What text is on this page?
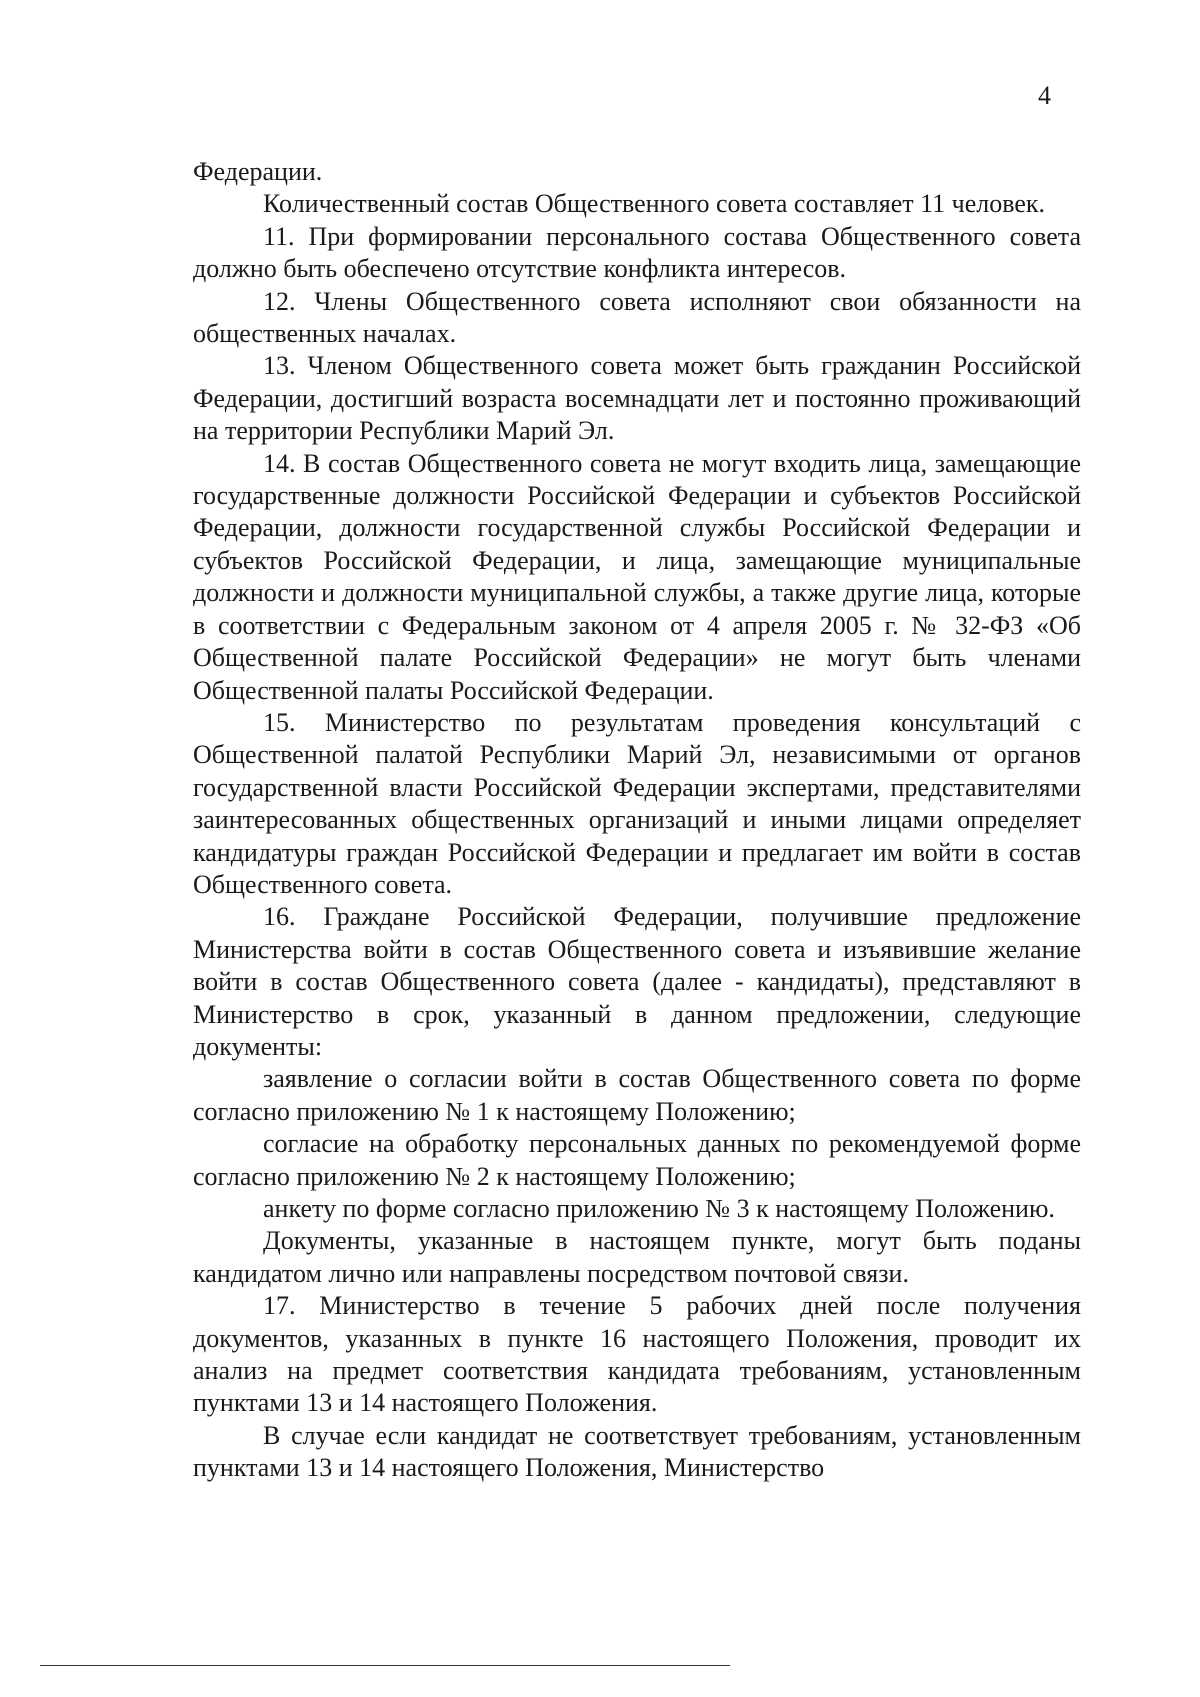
4

Федерации.

Количественный состав Общественного совета составляет 11 человек.

11. При формировании персонального состава Общественного совета должно быть обеспечено отсутствие конфликта интересов.

12. Члены Общественного совета исполняют свои обязанности на общественных началах.

13. Членом Общественного совета может быть гражданин Российской Федерации, достигший возраста восемнадцати лет и постоянно проживающий на территории Республики Марий Эл.

14. В состав Общественного совета не могут входить лица, замещающие государственные должности Российской Федерации и субъектов Российской Федерации, должности государственной службы Российской Федерации и субъектов Российской Федерации, и лица, замещающие муниципальные должности и должности муниципальной службы, а также другие лица, которые в соответствии с Федеральным законом от 4 апреля 2005 г. № 32-ФЗ «Об Общественной палате Российской Федерации» не могут быть членами Общественной палаты Российской Федерации.

15. Министерство по результатам проведения консультаций с Общественной палатой Республики Марий Эл, независимыми от органов государственной власти Российской Федерации экспертами, представителями заинтересованных общественных организаций и иными лицами определяет кандидатуры граждан Российской Федерации и предлагает им войти в состав Общественного совета.

16. Граждане Российской Федерации, получившие предложение Министерства войти в состав Общественного совета и изъявившие желание войти в состав Общественного совета (далее - кандидаты), представляют в Министерство в срок, указанный в данном предложении, следующие документы:

заявление о согласии войти в состав Общественного совета по форме согласно приложению № 1 к настоящему Положению;

согласие на обработку персональных данных по рекомендуемой форме согласно приложению № 2 к настоящему Положению;

анкету по форме согласно приложению № 3 к настоящему Положению.

Документы, указанные в настоящем пункте, могут быть поданы кандидатом лично или направлены посредством почтовой связи.

17. Министерство в течение 5 рабочих дней после получения документов, указанных в пункте 16 настоящего Положения, проводит их анализ на предмет соответствия кандидата требованиям, установленным пунктами 13 и 14 настоящего Положения.

В случае если кандидат не соответствует требованиям, установленным пунктами 13 и 14 настоящего Положения, Министерство
